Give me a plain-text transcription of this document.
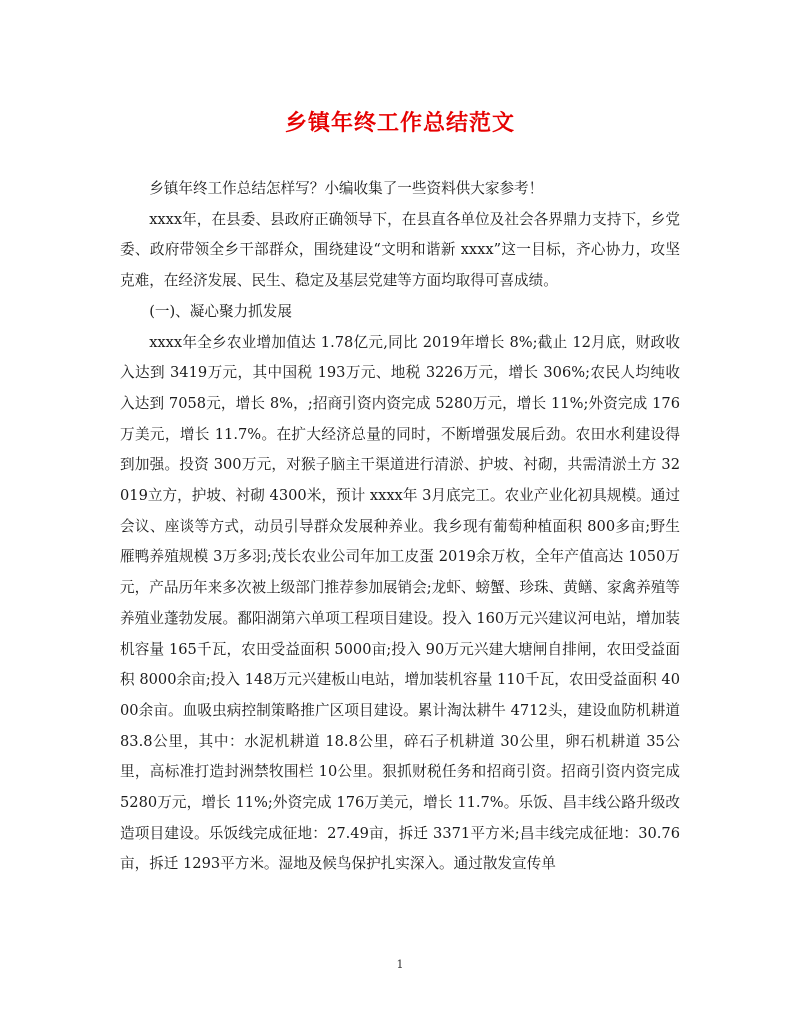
乡镇年终工作总结范文

乡镇年终工作总结怎样写？小编收集了一些资料供大家参考！

xxxx年，在县委、县政府正确领导下，在县直各单位及社会各界鼎力支持下，乡党委、政府带领全乡干部群众，围绕建设“文明和谐新 xxxx”这一目标，齐心协力，攻坚克难，在经济发展、民生、稳定及基层党建等方面均取得可喜成绩。

(一)、凝心聚力抓发展

xxxx年全乡农业增加值达 1.78亿元,同比 2019年增长 8%;截止 12月底，财政收入达到 3419万元，其中国税 193万元、地税 3226万元，增长 306%;农民人均纯收入达到 7058元，增长 8%，;招商引资内资完成 5280万元，增长 11%;外资完成 176万美元，增长 11.7%。在扩大经济总量的同时，不断增强发展后劲。农田水利建设得到加强。投资 300万元，对猴子脑主干渠道进行清淤、护坡、衬砌，共需清淤土方 32019立方，护坡、衬砌 4300米，预计 xxxx年 3月底完工。农业产业化初具规模。通过会议、座谈等方式，动员引导群众发展种养业。我乡现有葡萄种植面积 800多亩;野生雁鸭养殖规模 3万多羽;茂长农业公司年加工皮蛋 2019余万枚，全年产值高达 1050万元，产品历年来多次被上级部门推荐参加展销会;龙虾、螃蟹、珍珠、黄鳝、家禽养殖等养殖业蓬勃发展。鄱阳湖第六单项工程项目建设。投入 160万元兴建议河电站，增加装机容量 165千瓦，农田受益面积 5000亩;投入 90万元兴建大塘闸自排闸，农田受益面积 8000余亩;投入 148万元兴建板山电站，增加装机容量 110千瓦，农田受益面积 4000余亩。血吸虫病控制策略推广区项目建设。累计淘汰耕牛 4712头，建设血防机耕道 83.8公里，其中：水泥机耕道 18.8公里，碎石子机耕道 30公里，卵石机耕道 35公里，高标准打造封洲禁牧围栏 10公里。狠抓财税任务和招商引资。招商引资内资完成 5280万元，增长 11%;外资完成 176万美元，增长 11.7%。乐饭、昌丰线公路升级改造项目建设。乐饭线完成征地：27.49亩，拆迁 3371平方米;昌丰线完成征地：30.76亩，拆迁 1293平方米。湿地及候鸟保护扎实深入。通过散发宣传单

1
